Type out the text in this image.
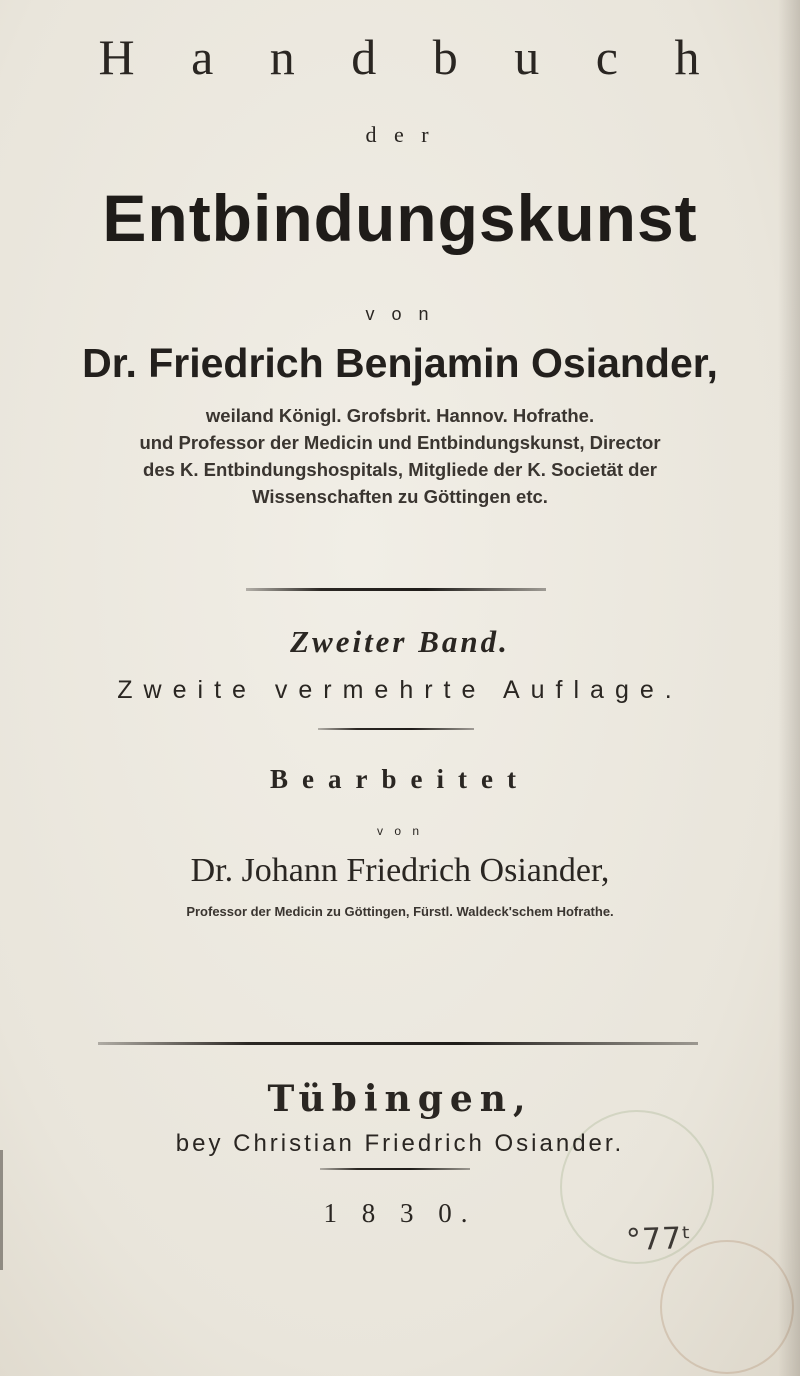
H a n d b u c h
d e r
Entbindungskunst
v o n
Dr. Friedrich Benjamin Osiander,
weiland Königl. Grofsbrit. Hannov. Hofrathe.
und Professor der Medicin und Entbindungskunst, Director
des K. Entbindungshospitals, Mitgliede der K. Societät der
Wissenschaften zu Göttingen etc.
Zweiter Band.
Zweite vermehrte Auflage.
Bearbeitet
v o n
Dr. Johann Friedrich Osiander,
Professor der Medicin zu Göttingen, Fürstl. Waldeck'schem Hofrathe.
Tübingen,
bey Christian Friedrich Osiander.
1 8 3 0.
°77ᵗ
